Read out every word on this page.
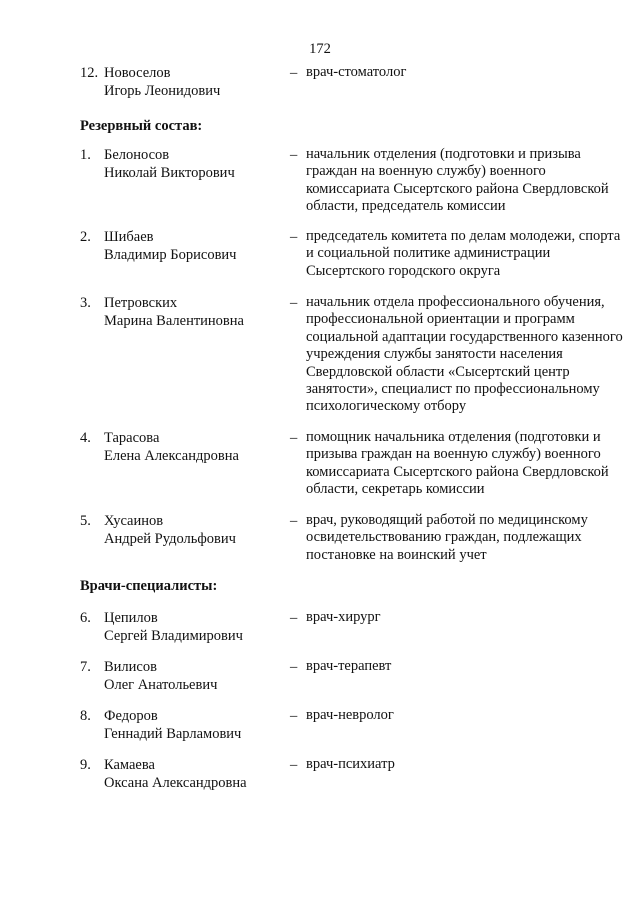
172
12. Новоселов
Игорь Леонидович
– врач-стоматолог
Резервный состав:
1. Белоносов
Николай Викторович
– начальник отделения (подготовки и призыва граждан на военную службу) военного комиссариата Сысертского района Свердловской области, председатель комиссии
2. Шибаев
Владимир Борисович
– председатель комитета по делам молодежи, спорта и социальной политике администрации Сысертского городского округа
3. Петровских
Марина Валентиновна
– начальник отдела профессионального обучения, профессиональной ориентации и программ социальной адаптации государственного казенного учреждения службы занятости населения Свердловской области «Сысертский центр занятости», специалист по профессиональному психологическому отбору
4. Тарасова
Елена Александровна
– помощник начальника отделения (подготовки и призыва граждан на военную службу) военного комиссариата Сысертского района Свердловской области, секретарь комиссии
5. Хусаинов
Андрей Рудольфович
– врач, руководящий работой по медицинскому освидетельствованию граждан, подлежащих постановке на воинский учет
Врачи-специалисты:
6. Цепилов
Сергей Владимирович
– врач-хирург
7. Вилисов
Олег Анатольевич
– врач-терапевт
8. Федоров
Геннадий Варламович
– врач-невролог
9. Камаева
Оксана Александровна
– врач-психиатр
